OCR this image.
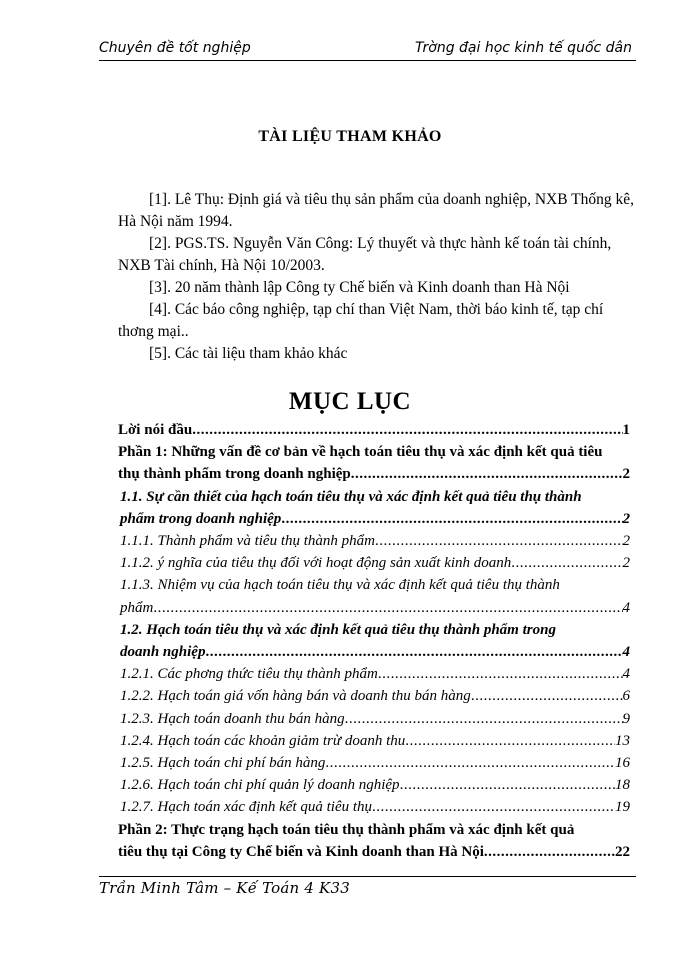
Chuyên đề tốt nghiệp	Trờng đại học kinh tế quốc dân
TÀI LIỆU THAM KHẢO

[1]. Lê Thụ: Định giá và tiêu thụ sản phẩm của doanh nghiệp, NXB Thống kê, Hà Nội năm 1994.

[2]. PGS.TS. Nguyễn Văn Công: Lý thuyết và thực hành kế toán tài chính, NXB Tài chính, Hà Nội 10/2003.

[3]. 20 năm thành lập Công ty Chế biến và Kinh doanh than Hà Nội

[4]. Các báo công nghiệp, tạp chí than Việt Nam, thời báo kinh tế, tạp chí thơng mại..

[5]. Các tài liệu tham khảo khác

MỤC LỤC
Lời nói đầu .....	1
Phần 1: Những vấn đề cơ bản về hạch toán tiêu thụ và xác định kết quả tiêu
thụ thành phẩm trong doanh nghiệp .....	2
1.1. Sự cần thiết của hạch toán tiêu thụ và xác định kết quả tiêu thụ thành
phẩm trong doanh nghiệp .....	2
1.1.1. Thành phẩm và tiêu thụ thành phẩm .....	2
1.1.2. ý nghĩa của tiêu thụ đối với hoạt động sản xuất kinh doanh .....	2
1.1.3. Nhiệm vụ của hạch toán tiêu thụ và xác định kết quả tiêu thụ thành
phẩm .....	4
1.2. Hạch toán tiêu thụ và xác định kết quả tiêu thụ thành phẩm trong
doanh nghiệp .....	4
1.2.1. Các phơng thức tiêu thụ thành phẩm .....	4
1.2.2. Hạch toán giá vốn hàng bán và doanh thu bán hàng .....	6
1.2.3. Hạch toán doanh thu bán hàng .....	9
1.2.4. Hạch toán các khoản giảm trừ doanh thu .....	13
1.2.5. Hạch toán chi phí bán hàng .....	16
1.2.6. Hạch toán chi phí quản lý doanh nghiệp .....	18
1.2.7. Hạch toán xác định kết quả tiêu thụ .....	19
Phần 2: Thực trạng hạch toán tiêu thụ thành phẩm và xác định kết quả
tiêu thụ tại Công ty Chế biến và Kinh doanh than Hà Nội .....	22
Trần Minh Tâm – Kế Toán 4 K33
